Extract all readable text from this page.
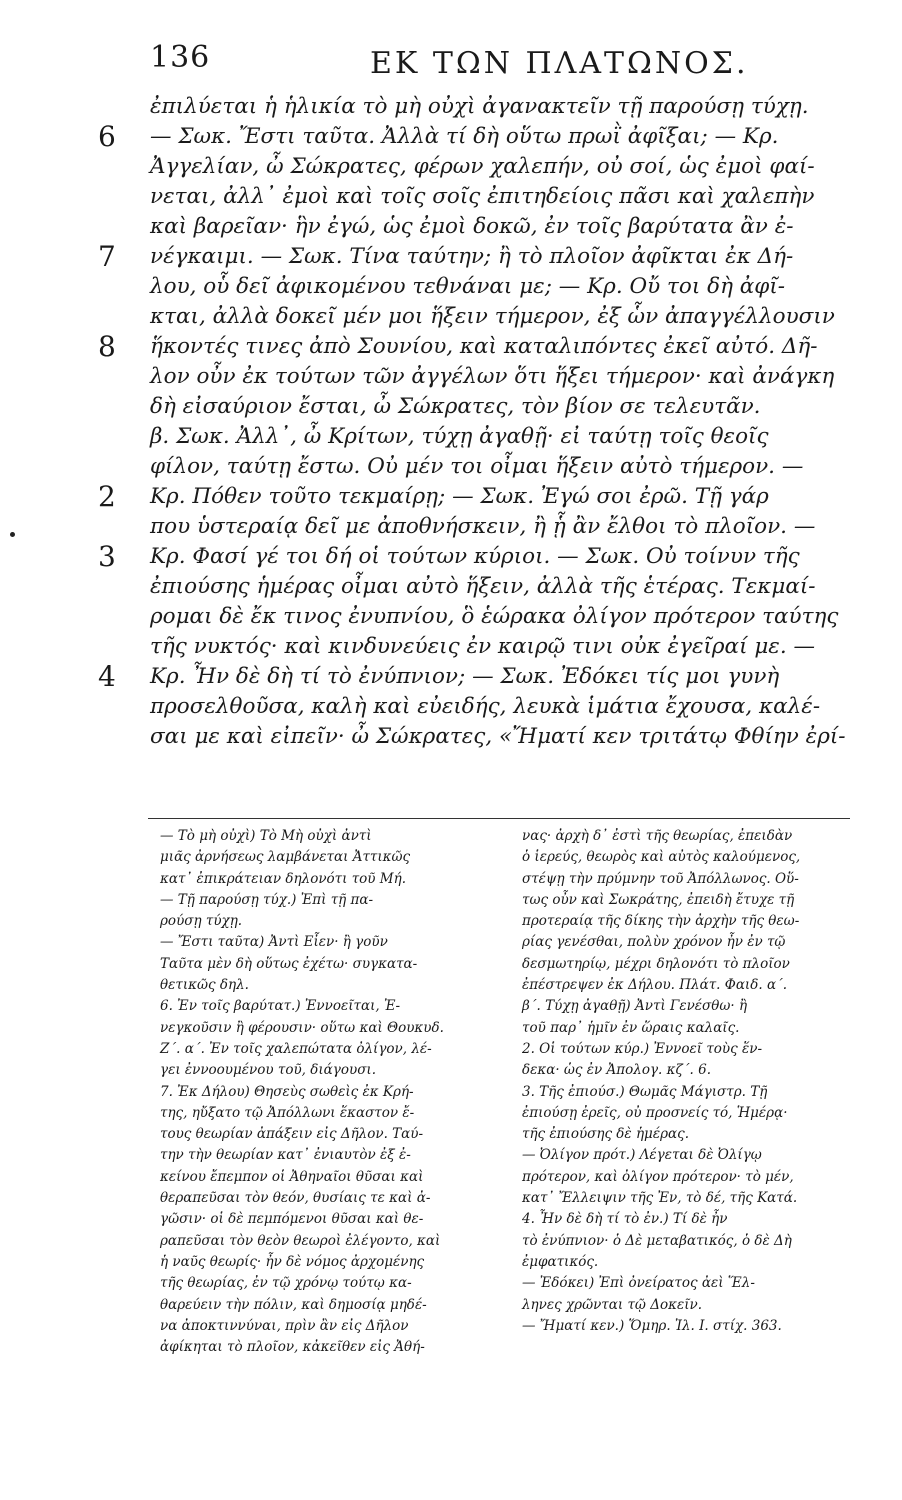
136	ΕΚ ΤΩΝ ΠΛΑΤΩΝΟΣ.
ἐπιλύεται ἡ ἡλικία τὸ μὴ οὐχὶ ἀγανακτεῖν τῇ παρούσῃ τύχῃ.
6 — Σωκ. Ἔστι ταῦτα. Ἀλλὰ τί δὴ οὕτω πρωῒ ἀφῖξαι; — Κρ.
Ἀγγελίαν, ὦ Σώκρατες, φέρων χαλεπήν, οὐ σοί, ὡς ἐμοὶ φαί-
νεται, ἀλλ᾽ ἐμοὶ καὶ τοῖς σοῖς ἐπιτηδείοις πᾶσι καὶ χαλεπὴν
καὶ βαρεῖαν· ἣν ἐγώ, ὡς ἐμοὶ δοκῶ, ἐν τοῖς βαρύτατα ἂν ἐ-
7 νέγκαιμι. — Σωκ. Τίνα ταύτην; ἢ τὸ πλοῖον ἀφῖκται ἐκ Δή-
λου, οὗ δεῖ ἀφικομένου τεθνάναι με; — Κρ. Οὔ τοι δὴ ἀφῖ-
κται, ἀλλὰ δοκεῖ μέν μοι ἥξειν τήμερον, ἐξ ὧν ἀπαγγέλλουσιν
8 ἥκοντές τινες ἀπὸ Σουνίου, καὶ καταλιπόντες ἐκεῖ αὐτό. Δῆ-
λον οὖν ἐκ τούτων τῶν ἀγγέλων ὅτι ἥξει τήμερον· καὶ ἀνάγκη
δὴ εἰσαύριον ἔσται, ὦ Σώκρατες, τὸν βίον σε τελευτᾶν.
β. Σωκ. Ἀλλ᾽, ὦ Κρίτων, τύχῃ ἀγαθῇ· εἰ ταύτῃ τοῖς θεοῖς
φίλον, ταύτῃ ἔστω. Οὐ μέν τοι οἶμαι ἥξειν αὐτὸ τήμερον. —
2 Κρ. Πόθεν τοῦτο τεκμαίρῃ; — Σωκ. Ἐγώ σοι ἐρῶ. Τῇ γάρ
που ὑστεραίᾳ δεῖ με ἀποθνήσκειν, ἢ ᾗ ἂν ἔλθοι τὸ πλοῖον. —
3 Κρ. Φασί γέ τοι δή οἱ τούτων κύριοι. — Σωκ. Οὐ τοίνυν τῆς
ἐπιούσης ἡμέρας οἶμαι αὐτὸ ἥξειν, ἀλλὰ τῆς ἑτέρας. Τεκμαί-
ρομαι δὲ ἔκ τινος ἐνυπνίου, ὃ ἑώρακα ὀλίγον πρότερον ταύτης
τῆς νυκτός· καὶ κινδυνεύεις ἐν καιρῷ τινι οὐκ ἐγεῖραί με. —
4 Κρ. Ἦν δὲ δὴ τί τὸ ἐνύπνιον; — Σωκ. Ἐδόκει τίς μοι γυνὴ
προσελθοῦσα, καλὴ καὶ εὐειδής, λευκὰ ἱμάτια ἔχουσα, καλέ-
σαι με καὶ εἰπεῖν· ὦ Σώκρατες, «Ἤματί κεν τριτάτῳ Φθίην ἐρί-
— Τὸ μὴ οὐχὶ) Τὸ Μὴ οὐχὶ ἀντὶ
μιᾶς ἀρνήσεως λαμβάνεται Ἀττικῶς
κατ᾽ ἐπικράτειαν δηλονότι τοῦ Μή.
— Τῇ παρούσῃ τύχ.) Ἐπὶ τῇ πα-
ρούσῃ τύχῃ.
— Ἔστι ταῦτα) Ἀντὶ Εἶεν· ἢ γοῦν
Ταῦτα μὲν δὴ οὕτως ἐχέτω· συγκατα-
θετικῶς δηλ.
6. Ἐν τοῖς βαρύτατ.) Ἐννοεῖται, Ἐ-
νεγκοῦσιν ἢ φέρουσιν· οὕτω καὶ Θουκυδ.
Ζ΄. α΄. Ἐν τοῖς χαλεπώτατα ὀλίγον, λέ-
γει ἐννοουμένου τοῦ, διάγουσι.
7. Ἐκ Δήλου) Θησεὺς σωθεὶς ἐκ Κρή-
της, ηὔξατο τῷ Ἀπόλλωνι ἕκαστον ἔ-
τους θεωρίαν ἀπάξειν εἰς Δῆλον. Ταύ-
την τὴν θεωρίαν κατ᾽ ἐνιαυτὸν ἐξ ἐ-
κείνου ἔπεμπον οἱ Ἀθηναῖοι θῦσαι καὶ
θεραπεῦσαι τὸν θεόν, θυσίαις τε καὶ ἀ-
γῶσιν· οἱ δὲ πεμπόμενοι θῦσαι καὶ θε-
ραπεῦσαι τὸν θεὸν θεωροὶ ἐλέγοντο, καὶ
ἡ ναῦς θεωρίς· ἦν δὲ νόμος ἀρχομένης
τῆς θεωρίας, ἐν τῷ χρόνῳ τούτῳ κα-
θαρεύειν τὴν πόλιν, καὶ δημοσίᾳ μηδέ-
να ἀποκτιννύναι, πρὶν ἂν εἰς Δῆλον
ἀφίκηται τὸ πλοῖον, κἀκεῖθεν εἰς Ἀθή-
νας· ἀρχὴ δ᾽ ἐστὶ τῆς θεωρίας, ἐπειδὰν
ὁ ἱερεύς, θεωρὸς καὶ αὐτὸς καλούμενος,
στέψῃ τὴν πρύμνην τοῦ Ἀπόλλωνος. Οὕ-
τως οὖν καὶ Σωκράτης, ἐπειδὴ ἔτυχε τῇ
προτεραίᾳ τῆς δίκης τὴν ἀρχὴν τῆς θεω-
ρίας γενέσθαι, πολὺν χρόνον ἦν ἐν τῷ
δεσμωτηρίῳ, μέχρι δηλονότι τὸ πλοῖον
ἐπέστρεψεν ἐκ Δήλου. Πλάτ. Φαιδ. α΄.
β΄. Τύχῃ ἀγαθῇ) Ἀντὶ Γενέσθω· ἢ
τοῦ παρ᾽ ἡμῖν ἐν ὥραις καλαῖς.
2. Οἱ τούτων κύρ.) Ἐννοεῖ τοὺς ἕν-
δεκα· ὡς ἐν Ἀπολογ. κζ΄. 6.
3. Τῆς ἐπιούσ.) Θωμᾶς Μάγιστρ. Τῇ
ἐπιούσῃ ἐρεῖς, οὐ προσνείς τό, Ἡμέρᾳ·
τῆς ἐπιούσης δὲ ἡμέρας.
— Ὀλίγον πρότ.) Λέγεται δὲ Ὀλίγῳ
πρότερον, καὶ ὀλίγον πρότερον· τὸ μέν,
κατ᾽ Ἔλλειψιν τῆς Ἐν, τὸ δέ, τῆς Κατά.
4. Ἦν δὲ δὴ τί τὸ ἐν.) Τί δὲ ἦν
τὸ ἐνύπνιον· ὁ Δὲ μεταβατικός, ὁ δὲ Δὴ
ἐμφατικός.
— Ἐδόκει) Ἐπὶ ὀνείρατος ἀεὶ Ἕλ-
ληνες χρῶνται τῷ Δοκεῖν.
— Ἤματί κεν.) Ὅμηρ. Ἰλ. Ι. στίχ. 363.
